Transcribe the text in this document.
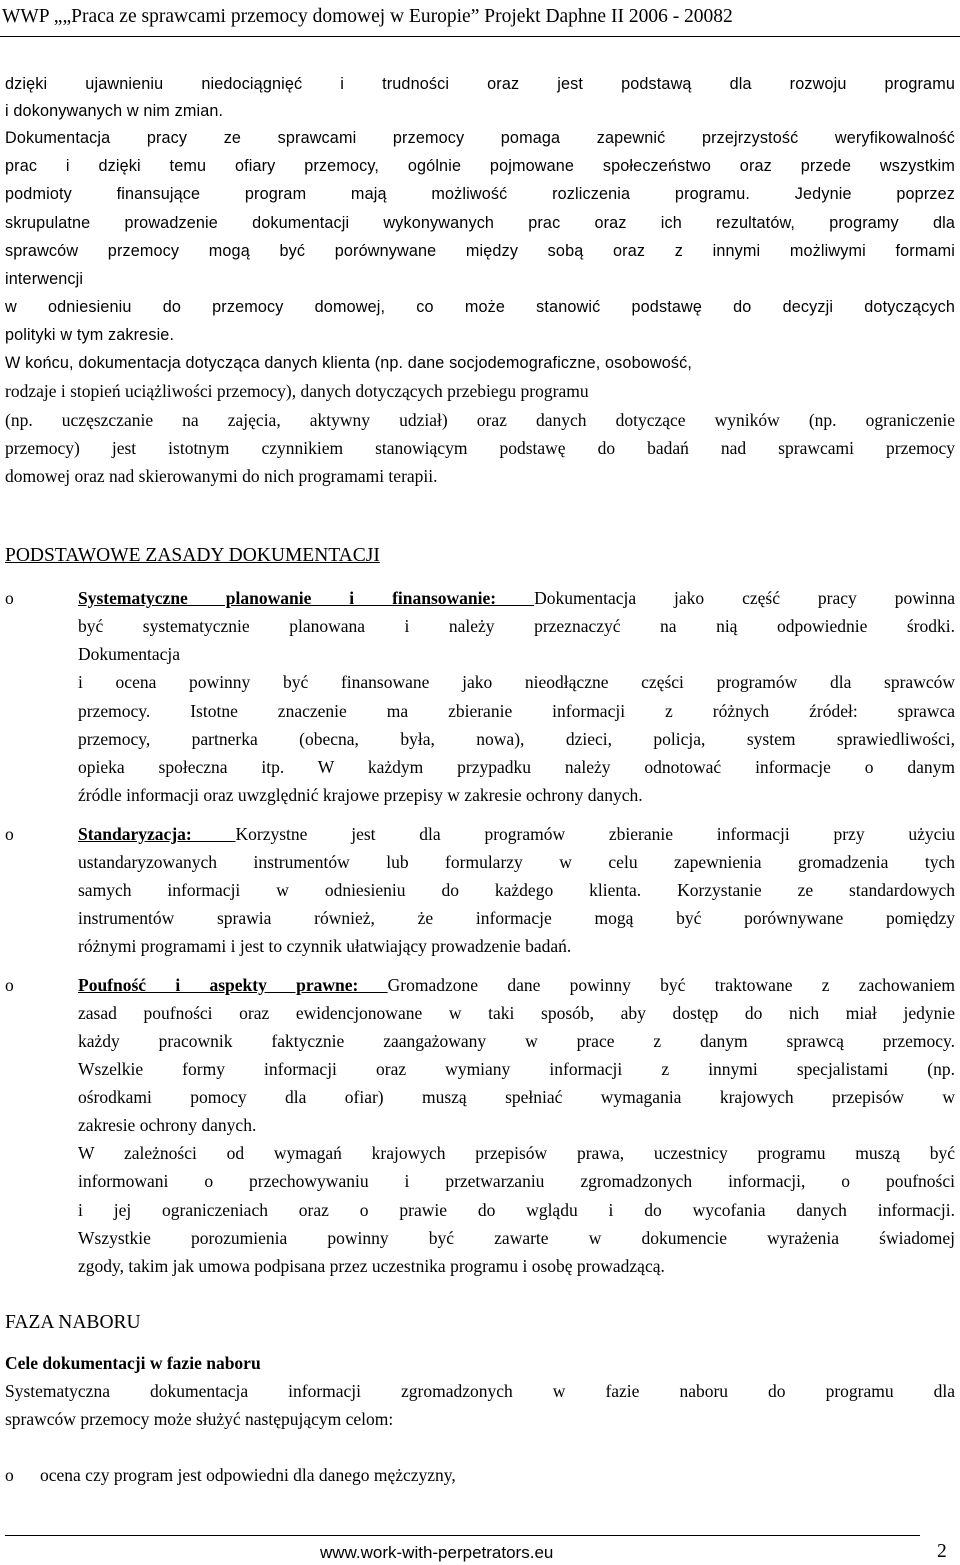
WWP „„Praca ze sprawcami przemocy domowej w Europie” Projekt Daphne II 2006 - 20082
dzięki ujawnieniu niedociągnięć i trudności oraz jest podstawą dla rozwoju programu
i dokonywanych w nim zmian.
Dokumentacja pracy ze sprawcami przemocy pomaga zapewnić przejrzystość weryfikowalność
prac i dzięki temu ofiary przemocy, ogólnie pojmowane społeczeństwo oraz przede wszystkim
podmioty finansujące program mają możliwość rozliczenia programu. Jedynie poprzez
skrupulatne prowadzenie dokumentacji wykonywanych prac oraz ich rezultatów, programy dla
sprawców przemocy mogą być porównywane między sobą oraz z innymi możliwymi formami
interwencji
w odniesieniu do przemocy domowej, co może stanowić podstawę do decyzji dotyczących
polityki w tym zakresie.
W końcu, dokumentacja dotycząca danych klienta (np. dane socjodemograficzne, osobowość,
rodzaje i stopień uciążliwości przemocy), danych dotyczących przebiegu programu
(np. uczęszczanie na zajęcia, aktywny udział) oraz danych dotyczące wyników (np. ograniczenie
przemocy) jest istotnym czynnikiem stanowiącym podstawę do badań nad sprawcami przemocy
domowej oraz nad skierowanymi do nich programami terapii.
PODSTAWOWE ZASADY DOKUMENTACJI
o	Systematyczne planowanie i finansowanie: Dokumentacja jako część pracy powinna
być systematycznie planowana i należy przeznaczyć na nią odpowiednie środki.
Dokumentacja
i ocena powinny być finansowane jako nieodłączne części programów dla sprawców
przemocy. Istotne znaczenie ma zbieranie informacji z różnych źródeł: sprawca
przemocy, partnerka (obecna, była, nowa), dzieci, policja, system sprawiedliwości,
opieka społeczna itp. W każdym przypadku należy odnotować informacje o danym
źródle informacji oraz uwzględnić krajowe przepisy w zakresie ochrony danych.
o	Standaryzacja: Korzystne jest dla programów zbieranie informacji przy użyciu
ustandaryzowanych instrumentów lub formularzy w celu zapewnienia gromadzenia tych
samych informacji w odniesieniu do każdego klienta. Korzystanie ze standardowych
instrumentów sprawia również, że informacje mogą być porównywane pomiędzy
różnymi programami i jest to czynnik ułatwiający prowadzenie badań.
o	Poufność i aspekty prawne: Gromadzone dane powinny być traktowane z zachowaniem
zasad poufności oraz ewidencjonowane w taki sposób, aby dostęp do nich miał jedynie
każdy pracownik faktycznie zaangażowany w prace z danym sprawcą przemocy.
Wszelkie formy informacji oraz wymiany informacji z innymi specjalistami (np.
ośrodkami pomocy dla ofiar) muszą spełniać wymagania krajowych przepisów w
zakresie ochrony danych.
W zależności od wymagań krajowych przepisów prawa, uczestnicy programu muszą być
informowani o przechowywaniu i przetwarzaniu zgromadzonych informacji, o poufności
i jej ograniczeniach oraz o prawie do wglądu i do wycofania danych informacji.
Wszystkie porozumienia powinny być zawarte w dokumencie wyrażenia świadomej
zgody, takim jak umowa podpisana przez uczestnika programu i osobę prowadzącą.
FAZA NABORU
Cele dokumentacji w fazie naboru
Systematyczna dokumentacja informacji zgromadzonych w fazie naboru do programu dla
sprawców przemocy może służyć następującym celom:
o ocena czy program jest odpowiedni dla danego mężczyzny,
www.work-with-perpetrators.eu	2
